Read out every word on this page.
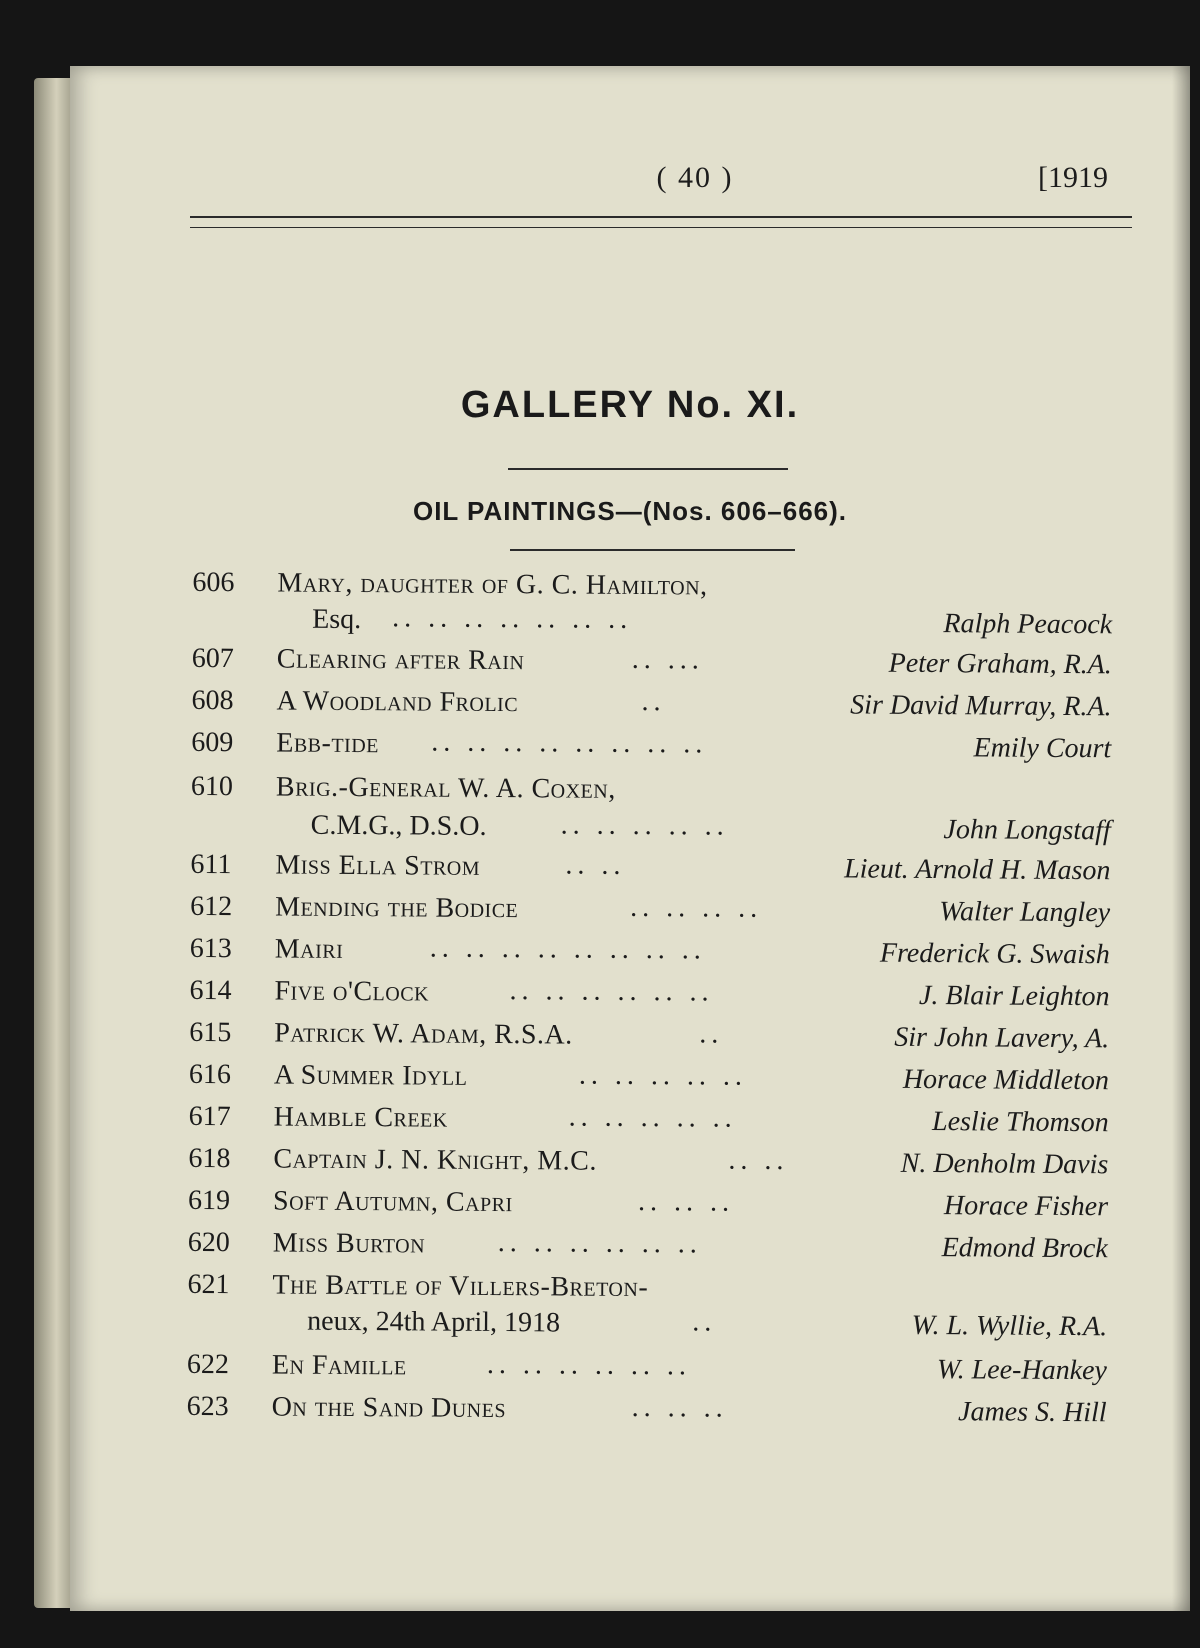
( 40 )	[1919
GALLERY No. XI.
OIL PAINTINGS—(Nos. 606–666).
606	Mary, daughter of G. C. Hamilton,
Esq. .. .. .. .. .. .. ..	Ralph Peacock
607	Clearing after Rain	.. ...	Peter Graham, R.A.
608	A Woodland Frolic	..	Sir David Murray, R.A.
609	Ebb-tide .. .. .. .. .. .. .. ..	Emily Court
610	Brig.-General W. A. Coxen,
C.M.G., D.S.O.	.. .. .. .. ..	John Longstaff
611	Miss Ella Strom	.. ..	Lieut. Arnold H. Mason
612	Mending the Bodice	.. .. .. ..	Walter Langley
613	Mairi	.. .. .. .. .. .. .. ..	Frederick G. Swaish
614	Five o'Clock	.. .. .. .. .. ..	J. Blair Leighton
615	Patrick W. Adam, R.S.A.	..	Sir John Lavery, A.
616	A Summer Idyll	.. .. .. .. ..	Horace Middleton
617	Hamble Creek	.. .. .. .. ..	Leslie Thomson
618	Captain J. N. Knight, M.C.	.. ..	N. Denholm Davis
619	Soft Autumn, Capri	.. .. ..	Horace Fisher
620	Miss Burton	.. .. .. .. .. ..	Edmond Brock
621	The Battle of Villers-Breton-
neux, 24th April, 1918	..	W. L. Wyllie, R.A.
622	En Famille	.. .. .. .. .. ..	W. Lee-Hankey
623	On the Sand Dunes	.. .. ..	James S. Hill
